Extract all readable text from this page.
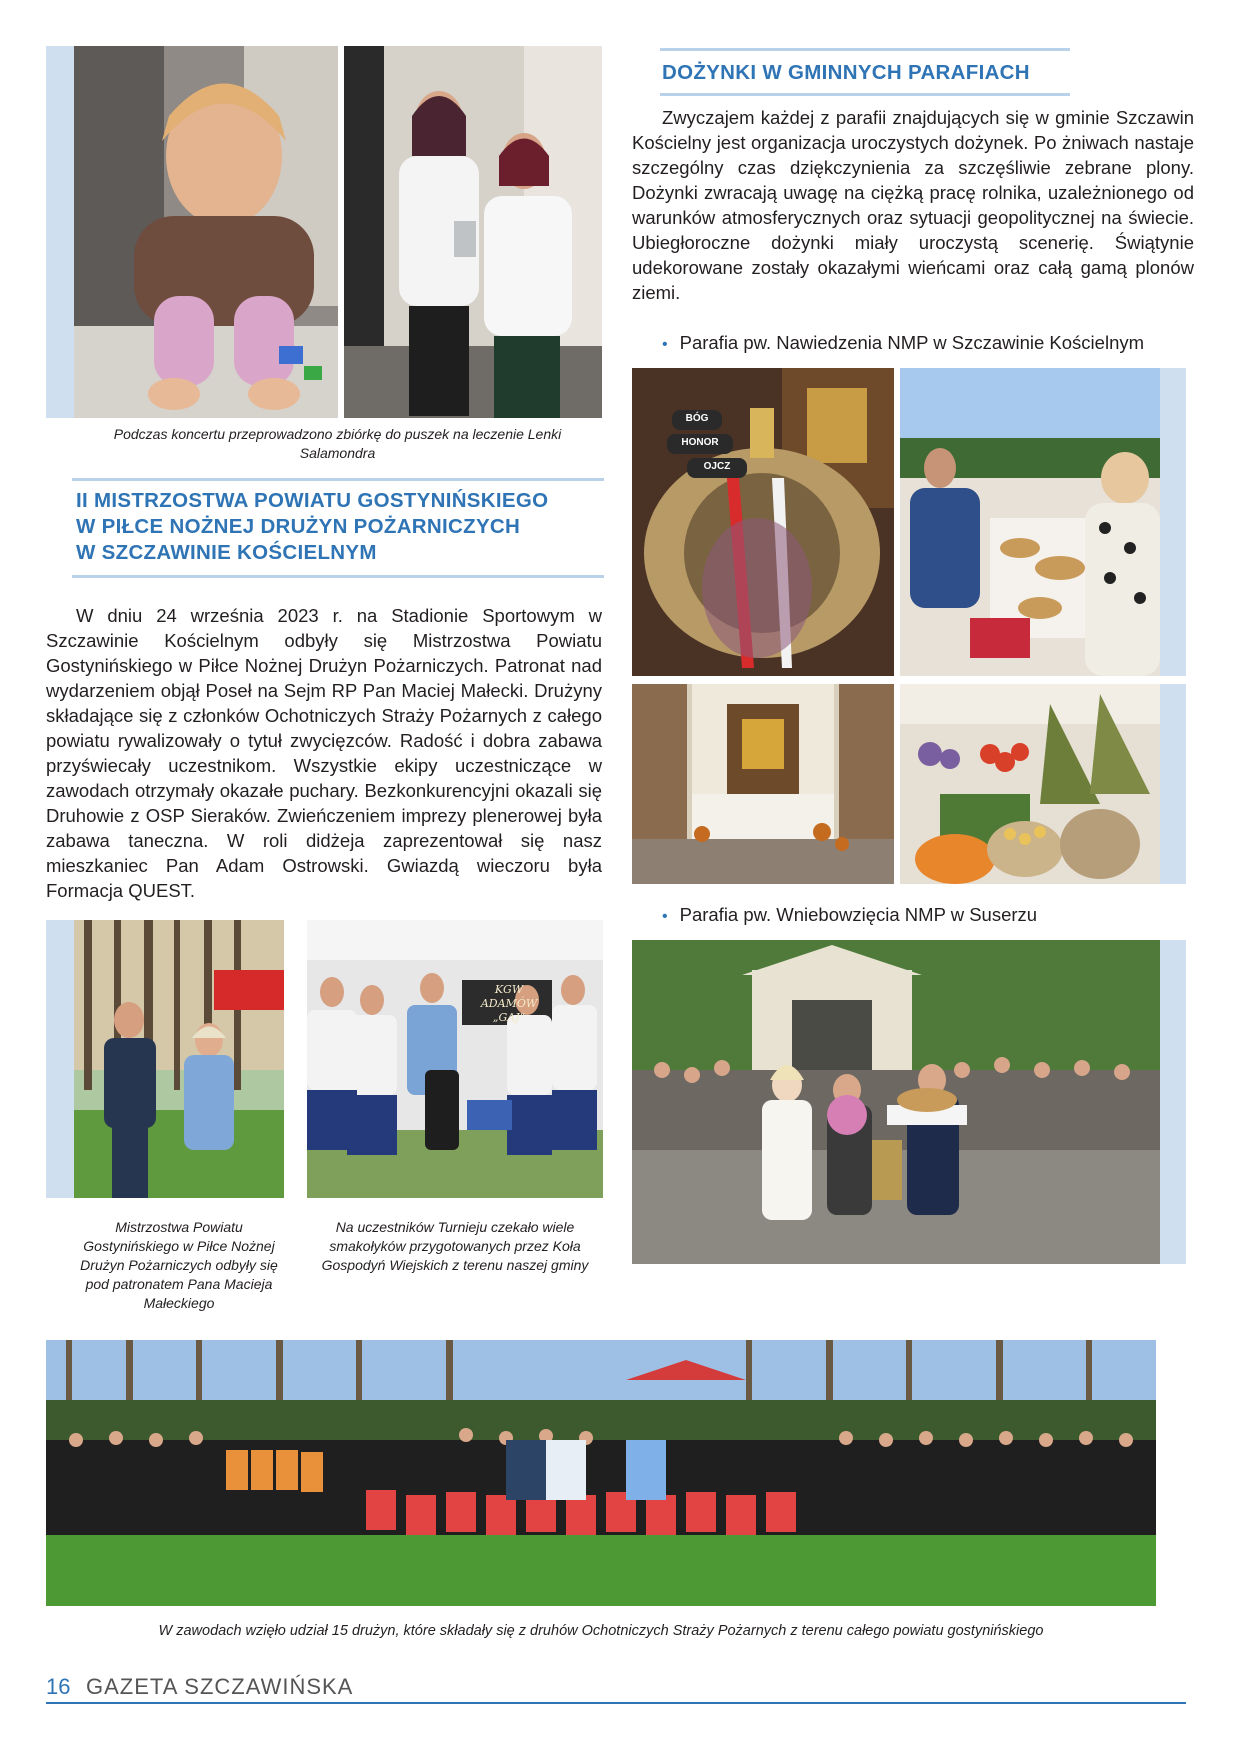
Podczas koncertu przeprowadzono zbiórkę do puszek na leczenie Lenki Salamondra
II MISTRZOSTWA POWIATU GOSTYNIŃSKIEGO
W PIŁCE NOŻNEJ DRUŻYN POŻARNICZYCH
W SZCZAWINIE KOŚCIELNYM

W dniu 24 września 2023 r. na Stadionie Sportowym w Szczawinie Kościelnym odbyły się Mistrzostwa Powiatu Gostynińskiego w Piłce Nożnej Drużyn Pożarniczych. Patronat nad wydarzeniem objął Poseł na Sejm RP Pan Maciej Małecki. Drużyny składające się z członków Ochotniczych Straży Pożarnych z całego powiatu rywalizowały o tytuł zwycięzców. Radość i dobra zabawa przyświecały uczestnikom. Wszystkie ekipy uczestniczące w zawodach otrzymały okazałe puchary. Bezkonkurencyjni okazali się Druhowie z OSP Sieraków. Zwieńczeniem imprezy plenerowej była zabawa taneczna. W roli didżeja zaprezentował się nasz mieszkaniec Pan Adam Ostrowski. Gwiazdą wieczoru była Formacja QUEST.

KGW ADAMÓW
„GAJ”
Mistrzostwa Powiatu Gostynińskiego w Piłce Nożnej Drużyn Pożarniczych odbyły się pod patronatem Pana Macieja Małeckiego
Na uczestników Turnieju czekało wiele smakołyków przygotowanych przez Koła Gospodyń Wiejskich z terenu naszej gminy
DOŻYNKI W GMINNYCH PARAFIACH

Zwyczajem każdej z parafii znajdujących się w gminie Szczawin Kościelny jest organizacja uroczystych dożynek. Po żniwach nastaje szczególny czas dziękczynienia za szczęśliwie zebrane plony. Dożynki zwracają uwagę na ciężką pracę rolnika, uzależnionego od warunków atmosferycznych oraz sytuacji geopolitycznej na świecie. Ubiegłoroczne dożynki miały uroczystą scenerię. Świątynie udekorowane zostały okazałymi wieńcami oraz całą gamą plonów ziemi.

• Parafia pw. Nawiedzenia NMP w Szczawinie Kościelnym
BÓG
HONOR
OJCZ
• Parafia pw. Wniebowzięcia NMP w Suserzu
W zawodach wzięło udział 15 drużyn, które składały się z druhów Ochotniczych Straży Pożarnych z terenu całego powiatu gostynińskiego
16 GAZETA SZCZAWIŃSKA
